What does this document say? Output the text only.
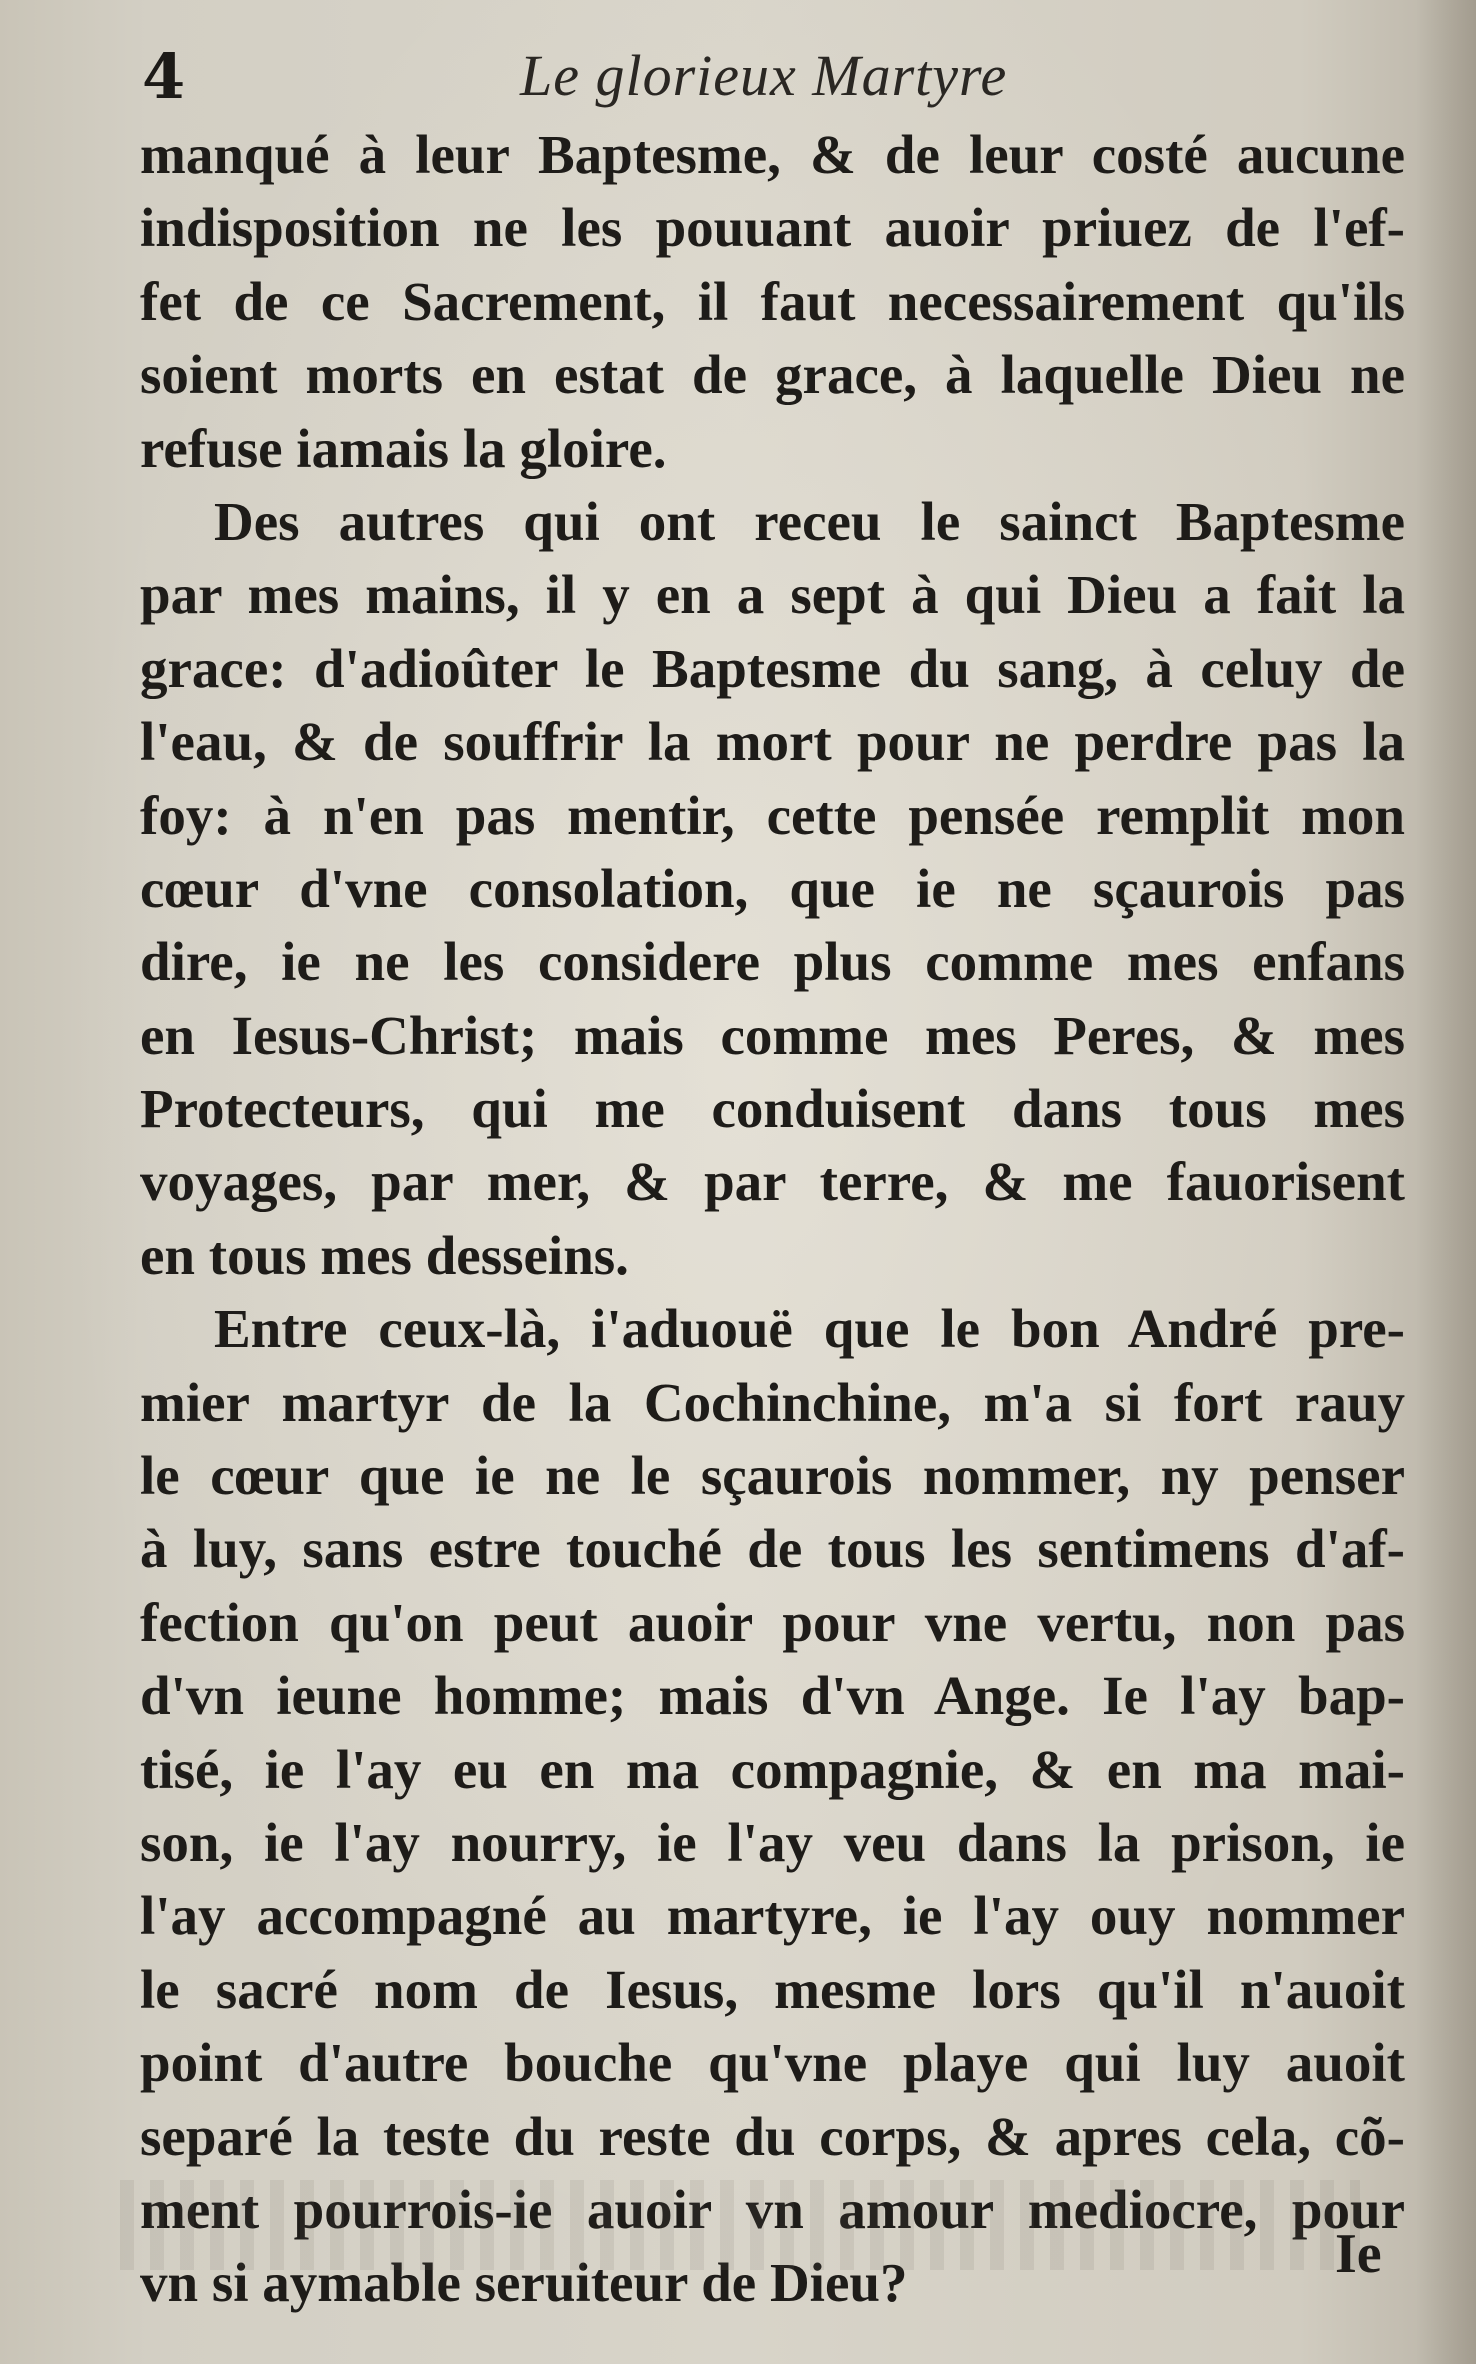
4	Le glorieux Martyre
manqué à leur Baptesme, & de leur costé aucune
indisposition ne les pouuant auoir priuez de l'ef-
fet de ce Sacrement, il faut necessairement qu'ils
soient morts en estat de grace, à laquelle Dieu ne
refuse iamais la gloire.
Des autres qui ont receu le sainct Baptesme
par mes mains, il y en a sept à qui Dieu a fait la
grace: d'adioûter le Baptesme du sang, à celuy de
l'eau, & de souffrir la mort pour ne perdre pas la
foy: à n'en pas mentir, cette pensée remplit mon
cœur d'vne consolation, que ie ne sçaurois pas
dire, ie ne les considere plus comme mes enfans
en Iesus-Christ; mais comme mes Peres, & mes
Protecteurs, qui me conduisent dans tous mes
voyages, par mer, & par terre, & me fauorisent
en tous mes desseins.
Entre ceux-là, i'aduouë que le bon André pre-
mier martyr de la Cochinchine, m'a si fort rauy
le cœur que ie ne le sçaurois nommer, ny penser
à luy, sans estre touché de tous les sentimens d'af-
fection qu'on peut auoir pour vne vertu, non pas
d'vn ieune homme; mais d'vn Ange. Ie l'ay bap-
tisé, ie l'ay eu en ma compagnie, & en ma mai-
son, ie l'ay nourry, ie l'ay veu dans la prison, ie
l'ay accompagné au martyre, ie l'ay ouy nommer
le sacré nom de Iesus, mesme lors qu'il n'auoit
point d'autre bouche qu'vne playe qui luy auoit
separé la teste du reste du corps, & apres cela, cõ-
ment pourrois-ie auoir vn amour mediocre, pour
vn si aymable seruiteur de Dieu?	Ie
